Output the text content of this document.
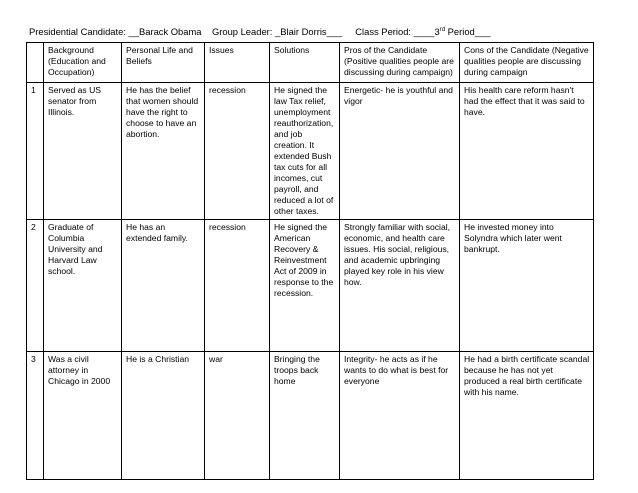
Presidential Candidate: __Barack Obama Group Leader: _Blair Dorris___ Class Period: ____3rd Period___
	Background (Education and Occupation)	Personal Life and Beliefs	Issues	Solutions	Pros of the Candidate (Positive qualities people are discussing during campaign)	Cons of the Candidate (Negative qualities people are discussing during campaign
1	Served as US senator from Illinois.	He has the belief that women should have the right to choose to have an abortion.	recession	He signed the law Tax relief, unemployment reauthorization, and job creation. It extended Bush tax cuts for all incomes, cut payroll, and reduced a lot of other taxes.	Energetic- he is youthful and vigor	His health care reform hasn't had the effect that it was said to have.
2	Graduate of Columbia University and Harvard Law school.	He has an extended family.	recession	He signed the American Recovery & Reinvestment Act of 2009 in response to the recession.	Strongly familiar with social, economic, and health care issues. His social, religious, and academic upbringing played key role in his view how.	He invested money into Solyndra which later went bankrupt.
3	Was a civil attorney in Chicago in 2000	He is a Christian	war	Bringing the troops back home	Integrity- he acts as if he wants to do what is best for everyone	He had a birth certificate scandal because he has not yet produced a real birth certificate with his name.
